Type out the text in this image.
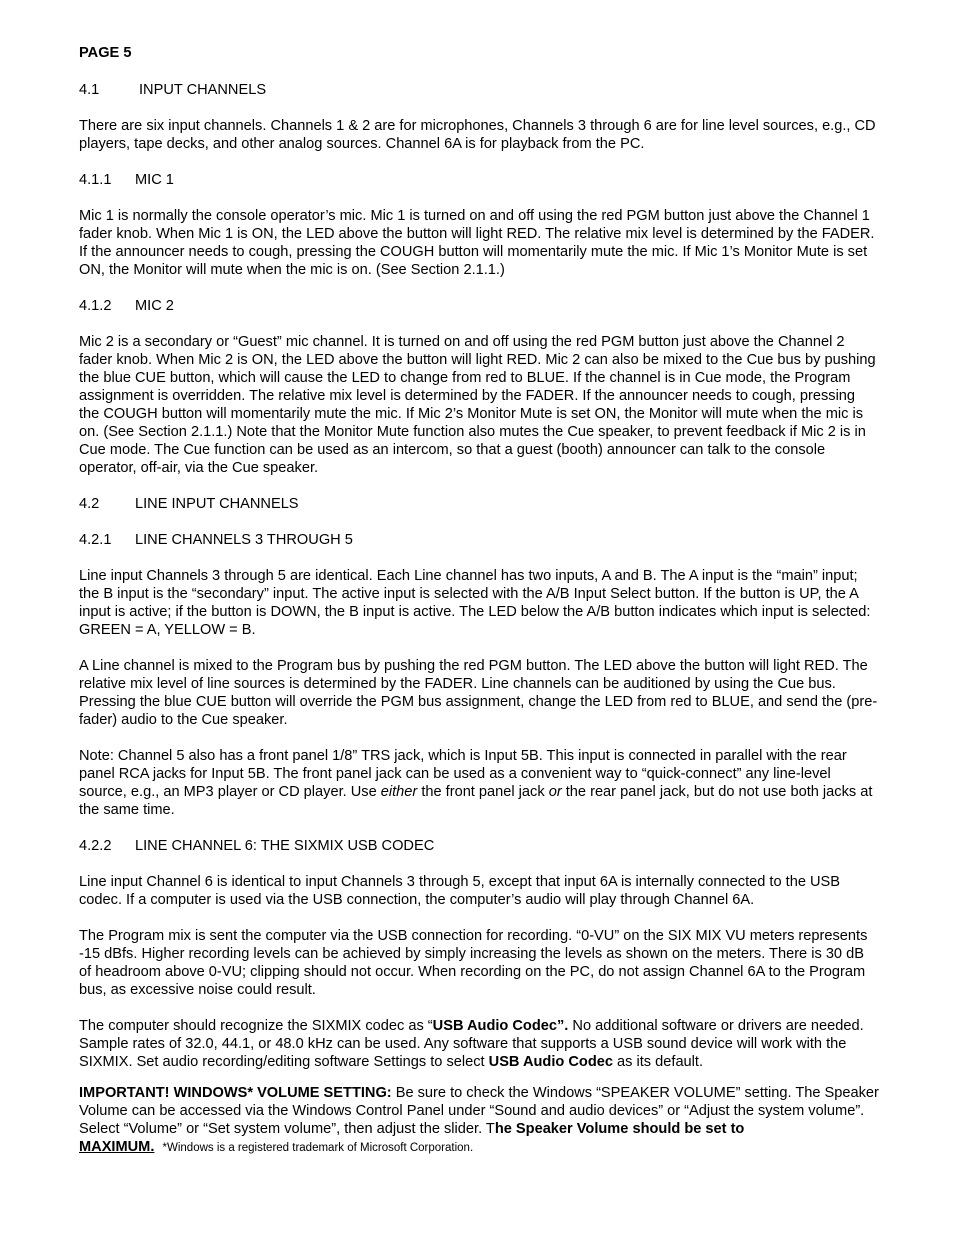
PAGE 5
4.1	INPUT CHANNELS

There are six input channels. Channels 1 & 2 are for microphones, Channels 3 through 6 are for line level sources, e.g., CD players, tape decks, and other analog sources. Channel 6A is for playback from the PC.

4.1.1 MIC 1

Mic 1 is normally the console operator’s mic. Mic 1 is turned on and off using the red PGM button just above the Channel 1 fader knob. When Mic 1 is ON, the LED above the button will light RED. The relative mix level is determined by the FADER. If the announcer needs to cough, pressing the COUGH button will momentarily mute the mic. If Mic 1’s Monitor Mute is set ON, the Monitor will mute when the mic is on. (See Section 2.1.1.)

4.1.2 MIC 2

Mic 2 is a secondary or “Guest” mic channel. It is turned on and off using the red PGM button just above the Channel 2 fader knob. When Mic 2 is ON, the LED above the button will light RED. Mic 2 can also be mixed to the Cue bus by pushing the blue CUE button, which will cause the LED to change from red to BLUE. If the channel is in Cue mode, the Program assignment is overridden. The relative mix level is determined by the FADER. If the announcer needs to cough, pressing the COUGH button will momentarily mute the mic. If Mic 2’s Monitor Mute is set ON, the Monitor will mute when the mic is on. (See Section 2.1.1.) Note that the Monitor Mute function also mutes the Cue speaker, to prevent feedback if Mic 2 is in Cue mode. The Cue function can be used as an intercom, so that a guest (booth) announcer can talk to the console operator, off-air, via the Cue speaker.

4.2 LINE INPUT CHANNELS
4.2.1 LINE CHANNELS 3 THROUGH 5

Line input Channels 3 through 5 are identical. Each Line channel has two inputs, A and B. The A input is the “main” input; the B input is the “secondary” input. The active input is selected with the A/B Input Select button. If the button is UP, the A input is active; if the button is DOWN, the B input is active. The LED below the A/B button indicates which input is selected: GREEN = A, YELLOW = B.

A Line channel is mixed to the Program bus by pushing the red PGM button. The LED above the button will light RED. The relative mix level of line sources is determined by the FADER. Line channels can be auditioned by using the Cue bus. Pressing the blue CUE button will override the PGM bus assignment, change the LED from red to BLUE, and send the (pre-fader) audio to the Cue speaker.

Note: Channel 5 also has a front panel 1/8” TRS jack, which is Input 5B. This input is connected in parallel with the rear panel RCA jacks for Input 5B. The front panel jack can be used as a convenient way to “quick-connect” any line-level source, e.g., an MP3 player or CD player. Use either the front panel jack or the rear panel jack, but do not use both jacks at the same time.

4.2.2 LINE CHANNEL 6: THE SIXMIX USB CODEC

Line input Channel 6 is identical to input Channels 3 through 5, except that input 6A is internally connected to the USB codec. If a computer is used via the USB connection, the computer’s audio will play through Channel 6A.

The Program mix is sent the computer via the USB connection for recording. “0-VU” on the SIX MIX VU meters represents -15 dBfs. Higher recording levels can be achieved by simply increasing the levels as shown on the meters. There is 30 dB of headroom above 0-VU; clipping should not occur. When recording on the PC, do not assign Channel 6A to the Program bus, as excessive noise could result.

The computer should recognize the SIXMIX codec as “USB Audio Codec”. No additional software or drivers are needed. Sample rates of 32.0, 44.1, or 48.0 kHz can be used. Any software that supports a USB sound device will work with the SIXMIX. Set audio recording/editing software Settings to select USB Audio Codec as its default.

IMPORTANT! WINDOWS* VOLUME SETTING: Be sure to check the Windows “SPEAKER VOLUME” setting. The Speaker Volume can be accessed via the Windows Control Panel under “Sound and audio devices” or “Adjust the system volume”. Select “Volume” or “Set system volume”, then adjust the slider. The Speaker Volume should be set to MAXIMUM. *Windows is a registered trademark of Microsoft Corporation.
